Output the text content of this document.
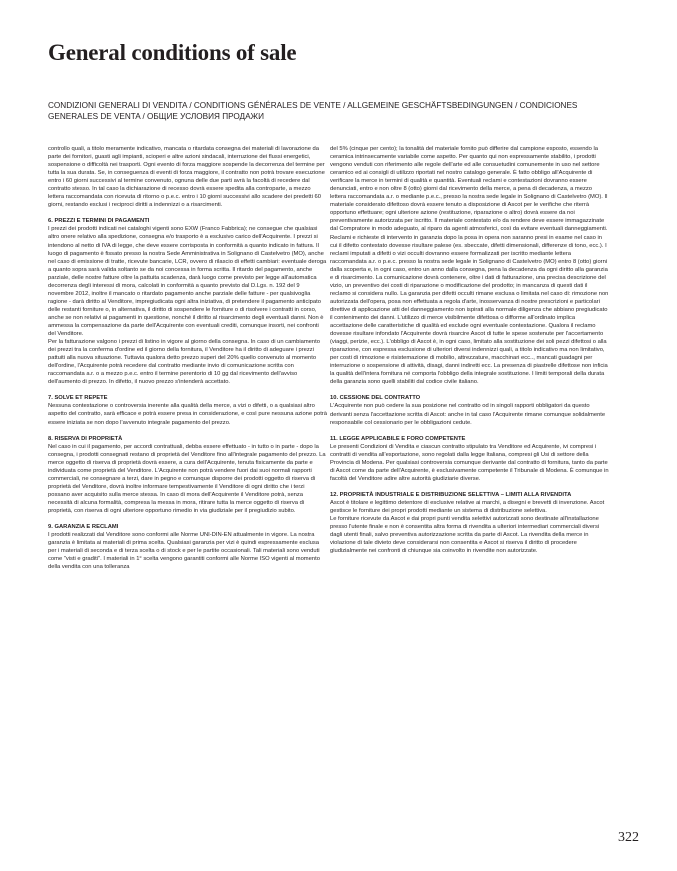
General conditions of sale

CONDIZIONI GENERALI DI VENDITA / CONDITIONS GÉNÉRALES DE VENTE / ALLGEMEINE GESCHÄFTSBEDINGUNGEN / CONDICIONES GENERALES DE VENTA / ОБЩИЕ УСЛОВИЯ ПРОДАЖИ

controllo quali, a titolo meramente indicativo, mancata o ritardata consegna dei materiali di lavorazione da parte dei fornitori, guasti agli impianti, scioperi e altre azioni sindacali, interruzione dei flussi energetici, sospensione o difficoltà nei trasporti. Ogni evento di forza maggiore sospende la decorrenza del termine per tutta la sua durata. Se, in conseguenza di eventi di forza maggiore, il contratto non potrà trovare esecuzione entro i 60 giorni successivi al termine convenuto, ognuna delle due parti avrà la facoltà di recedere dal contratto stesso. In tal caso la dichiarazione di recesso dovrà essere spedita alla controparte, a mezzo lettera raccomandata con ricevuta di ritorno o p.e.c. entro i 10 giorni successivi allo scadere dei predetti 60 giorni, restando esclusi i reciproci diritti a indennizzi o a risarcimenti.

6. PREZZI E TERMINI DI PAGAMENTI

I prezzi dei prodotti indicati nei cataloghi vigenti sono EXW (Franco Fabbrica); ne consegue che qualsiasi altro onere relativo alla spedizione, consegna e/o trasporto è a esclusivo carico dell'Acquirente. I prezzi si intendono al netto di IVA di legge, che deve essere corrisposta in conformità a quanto indicato in fattura. Il luogo di pagamento è fissato presso la nostra Sede Amministrativa in Solignano di Castelvetro (MO), anche nel caso di emissione di tratte, ricevute bancarie, LCR, ovvero di rilascio di effetti cambiari: eventuale deroga a quanto sopra sarà valida soltanto se da noi concessa in forma scritta. Il ritardo del pagamento, anche parziale, delle nostre fatture oltre la pattuita scadenza, darà luogo come previsto per legge all'automatica decorrenza degli interessi di mora, calcolati in conformità a quanto previsto dal D.Lgs. n. 192 del 9 novembre 2012, inoltre il mancato o ritardato pagamento anche parziale delle fatture - per qualsivoglia ragione - darà diritto al Venditore, impregiudicata ogni altra iniziativa, di pretendere il pagamento anticipato delle restanti forniture o, in alternativa, il diritto di sospendere le forniture o di risolvere i contratti in corso, anche se non relativi ai pagamenti in questione, nonché il diritto al risarcimento degli eventuali danni. Non è ammessa la compensazione da parte dell'Acquirente con eventuali crediti, comunque insorti, nei confronti del Venditore.
Per la fatturazione valgono i prezzi di listino in vigore al giorno della consegna. In caso di un cambiamento dei prezzi tra la conferma d'ordine ed il giorno della fornitura, il Venditore ha il diritto di adeguare i prezzi pattuiti alla nuova situazione. Tuttavia qualora detto prezzo superi del 20% quello convenuto al momento dell'ordine, l'Acquirente potrà recedere dal contratto mediante invio di comunicazione scritta con raccomandata a.r. o a mezzo p.e.c. entro il termine perentorio di 10 gg dal ricevimento dell'avviso dell'aumento di prezzo. In difetto, il nuovo prezzo s'intenderà accettato.

7. SOLVE ET REPETE

Nessuna contestazione o controversia inerente alla qualità della merce, a vizi o difetti, o a qualsiasi altro aspetto del contratto, sarà efficace e potrà essere presa in considerazione, e così pure nessuna azione potrà essere iniziata se non dopo l'avvenuto integrale pagamento del prezzo.

8. RISERVA DI PROPRIETÀ

Nel caso in cui il pagamento, per accordi contrattuali, debba essere effettuato - in tutto o in parte - dopo la consegna, i prodotti consegnati restano di proprietà del Venditore fino all'integrale pagamento del prezzo. La merce oggetto di riserva di proprietà dovrà essere, a cura dell'Acquirente, tenuta fisicamente da parte e individuata come proprietà del Venditore. L'Acquirente non potrà vendere fuori dai suoi normali rapporti commerciali, ne consegnare a terzi, dare in pegno e comunque disporre dei prodotti oggetto di riserva di proprietà del Venditore, dovrà inoltre informare tempestivamente il Venditore di ogni diritto che i terzi possano aver acquisito sulla merce stessa. In caso di mora dell'Acquirente il Venditore potrà, senza necessità di alcuna formalità, compresa la messa in mora, ritirare tutta la merce oggetto di riserva di proprietà, con riserva di ogni ulteriore opportuno rimedio in via giudiziale per il pregiudizio subito.

9. GARANZIA E RECLAMI

I prodotti realizzati dal Venditore sono conformi alle Norme UNI-DIN-EN attualmente in vigore. La nostra garanzia è limitata ai materiali di prima scelta. Qualsiasi garanzia per vizi è quindi espressamente esclusa per i materiali di seconda e di terza scelta o di stock e per le partite occasionali. Tali materiali sono venduti come "visti e graditi". I materiali in 1° scelta vengono garantiti conformi alle Norme ISO vigenti al momento della vendita con una tolleranza

del 5% (cinque per cento); la tonalità del materiale fornito può differire dal campione esposto, essendo la ceramica intrinsecamente variabile come aspetto. Per quanto qui non espressamente stabilito, i prodotti vengono venduti con riferimento alle regole dell'arte ed alle consuetudini comunemente in uso nel settore ceramico ed ai consigli di utilizzo riportati nel nostro catalogo generale. È fatto obbligo all'Acquirente di verificare la merce in termini di qualità e quantità. Eventuali reclami e contestazioni dovranno essere denunciati, entro e non oltre 8 (otto) giorni dal ricevimento della merce, a pena di decadenza, a mezzo lettera raccomandata a.r. o mediante p.e.c., presso la nostra sede legale in Solignano di Castelvetro (MO). Il materiale considerato difettoso dovrà essere tenuto a disposizione di Ascot per le verifiche che riterrà opportuno effettuare; ogni ulteriore azione (restituzione, riparazione o altro) dovrà essere da noi preventivamente autorizzata per iscritto. Il materiale contestato e/o da rendere deve essere immagazzinate dal Compratore in modo adeguato, al riparo da agenti atmosferici, così da evitare eventuali danneggiamenti.
Reclami e richieste di intervento in garanzia dopo la posa in opera non saranno presi in esame nel caso in cui il difetto contestato dovesse risultare palese (es. sbeccate, difetti dimensionali, differenze di tono, ecc.). I reclami imputati a difetti o vizi occulti dovranno essere formalizzati per iscritto mediante lettera raccomandata a.r. o p.e.c. presso la nostra sede legale in Solignano di Castelvetro (MO) entro 8 (otto) giorni dalla scoperta e, in ogni caso, entro un anno dalla consegna, pena la decadenza da ogni diritto alla garanzia e di risarcimento. La comunicazione dovrà contenere, oltre i dati di fatturazione, una precisa descrizione del vizio, un preventivo dei costi di riparazione o modificazione del prodotto; in mancanza di questi dati il reclamo si considera nullo. La garanzia per difetti occulti rimane esclusa o limitata nel caso di: rimozione non autorizzata dell'opera, posa non effettuata a regola d'arte, inosservanza di nostre prescrizioni e particolari direttive di applicazione atti del danneggiamento non ispirati alla normale diligenza che abbiano pregiudicato il contenimento dei danni. L'utilizzo di merce visibilmente difettosa o difforme all'ordinato implica accettazione delle caratteristiche di qualità ed esclude ogni eventuale contestazione. Qualora il reclamo dovesse risultare infondato l'Acquirente dovrà risarcire Ascot di tutte le spese sostenute per l'accertamento (viaggi, perizie, ecc.). L'obbligo di Ascot è, in ogni caso, limitato alla sostituzione dei soli pezzi difettosi o alla riparazione, con espressa esclusione di ulteriori diversi indennizzi quali, a titolo indicativo ma non limitativo, per costi di rimozione e risistemazione di mobilio, attrezzature, macchinari ecc.., mancati guadagni per interruzione o sospensione di attività, disagi, danni indiretti ecc. La presenza di piastrelle difettose non inficia la qualità dell'intera fornitura né comporta l'obbligo della integrale sostituzione. I limiti temporali della durata della garanzia sono quelli stabiliti dal codice civile italiano.

10. CESSIONE DEL CONTRATTO

L'Acquirente non può cedere la sua posizione nel contratto od in singoli rapporti obbligatori da questo derivanti senza l'accettazione scritta di Ascot: anche in tal caso l'Acquirente rimane comunque solidalmente responsabile col cessionario per le obbligazioni cedute.

11. LEGGE APPLICABILE E FORO COMPETENTE

Le presenti Condizioni di Vendita e ciascun contratto stipulato tra Venditore ed Acquirente, ivi compresi i contratti di vendita all'esportazione, sono regolati dalla legge Italiana, compresi gli Usi di settore della Provincia di Modena. Per qualsiasi controversia comunque derivante dal contratto di fornitura, tanto da parte di Ascot come da parte dell'Acquirente, è esclusivamente competente il Tribunale di Modena. È comunque in facoltà del Venditore adire altre autorità giudiziarie diverse.

12. PROPRIETÀ INDUSTRIALE E DISTRIBUZIONE SELETTIVA – LIMITI ALLA RIVENDITA

Ascot è titolare e legittimo detentore di esclusive relative ai marchi, a disegni e brevetti di invenzione. Ascot gestisce le forniture dei propri prodotti mediante un sistema di distribuzione selettiva.
Le forniture ricevute da Ascot e dai propri punti vendita selettivi autorizzati sono destinate all'installazione presso l'utente finale e non è consentita altra forma di rivendita a ulteriori intermediari commerciali diversi dagli utenti finali, salvo preventiva autorizzazione scritta da parte di Ascot. La rivendita della merce in violazione di tale divieto deve considerarsi non consentita e Ascot si riserva il diritto di procedere giudizialmente nei confronti di chiunque sia coinvolto in rivendite non autorizzate.

322
